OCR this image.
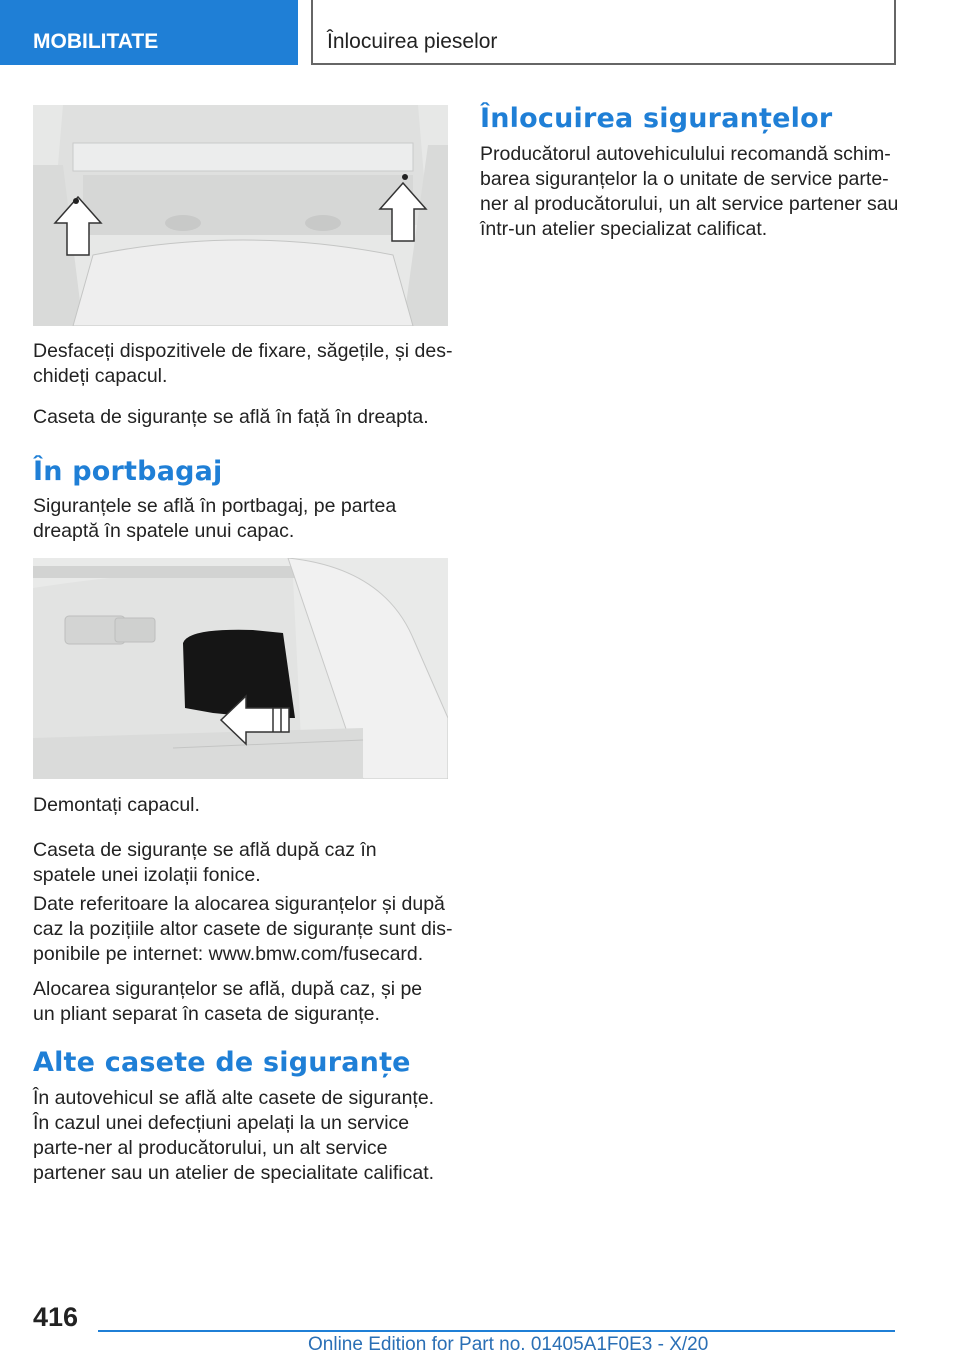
MOBILITATE	Înlocuirea pieselor

Desfaceți dispozitivele de fixare, săgețile, și des-chideți capacul.

Caseta de siguranțe se află în față în dreapta.

În portbagaj

Siguranțele se află în portbagaj, pe partea dreaptă în spatele unui capac.

Demontați capacul.

Caseta de siguranțe se află după caz în spatele unei izolații fonice.

Date referitoare la alocarea siguranțelor și după caz la pozițiile altor casete de siguranțe sunt dis-ponibile pe internet: www.bmw.com/fusecard.

Alocarea siguranțelor se află, după caz, și pe un pliant separat în caseta de siguranțe.

Alte casete de siguranțe

În autovehicul se află alte casete de siguranțe. În cazul unei defecțiuni apelați la un service parte-ner al producătorului, un alt service partener sau un atelier de specialitate calificat.

Înlocuirea siguranțelor

Producătorul autovehiculului recomandă schim-barea siguranțelor la o unitate de service parte-ner al producătorului, un alt service partener sau într-un atelier specializat calificat.

416
Online Edition for Part no. 01405A1F0E3 - X/20
